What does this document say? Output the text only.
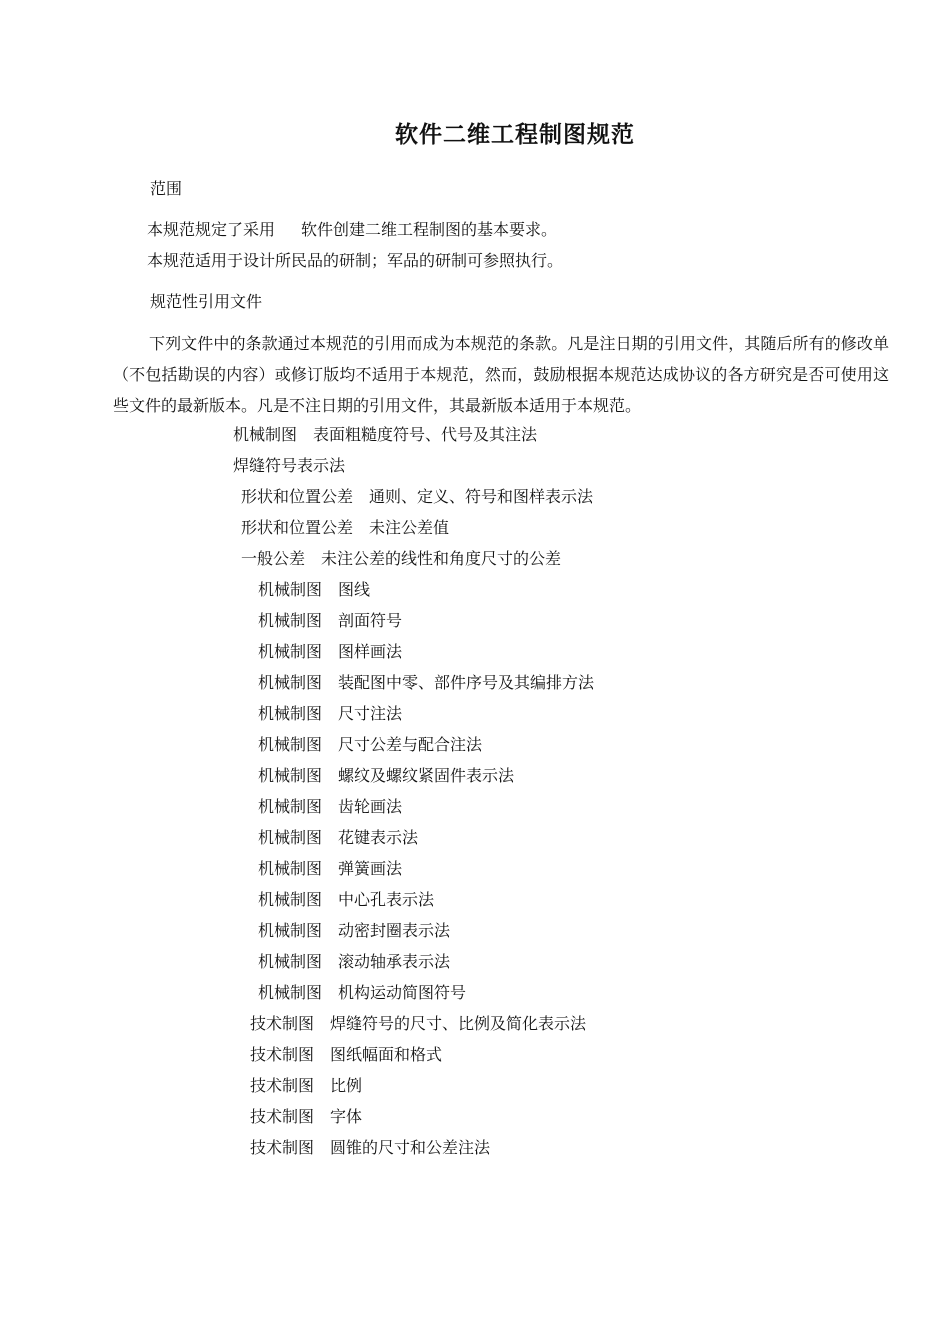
软件二维工程制图规范
范围
本规范规定了采用 软件创建二维工程制图的基本要求。
本规范适用于设计所民品的研制；军品的研制可参照执行。
规范性引用文件
下列文件中的条款通过本规范的引用而成为本规范的条款。凡是注日期的引用文件，其随后所有的修改单（不包括勘误的内容）或修订版均不适用于本规范，然而，鼓励根据本规范达成协议的各方研究是否可使用这些文件的最新版本。凡是不注日期的引用文件，其最新版本适用于本规范。
机械制图 表面粗糙度符号、代号及其注法
焊缝符号表示法
形状和位置公差 通则、定义、符号和图样表示法
形状和位置公差 未注公差值
一般公差 未注公差的线性和角度尺寸的公差
机械制图 图线
机械制图 剖面符号
机械制图 图样画法
机械制图 装配图中零、部件序号及其编排方法
机械制图 尺寸注法
机械制图 尺寸公差与配合注法
机械制图 螺纹及螺纹紧固件表示法
机械制图 齿轮画法
机械制图 花键表示法
机械制图 弹簧画法
机械制图 中心孔表示法
机械制图 动密封圈表示法
机械制图 滚动轴承表示法
机械制图 机构运动简图符号
技术制图 焊缝符号的尺寸、比例及简化表示法
技术制图 图纸幅面和格式
技术制图 比例
技术制图 字体
技术制图 圆锥的尺寸和公差注法
